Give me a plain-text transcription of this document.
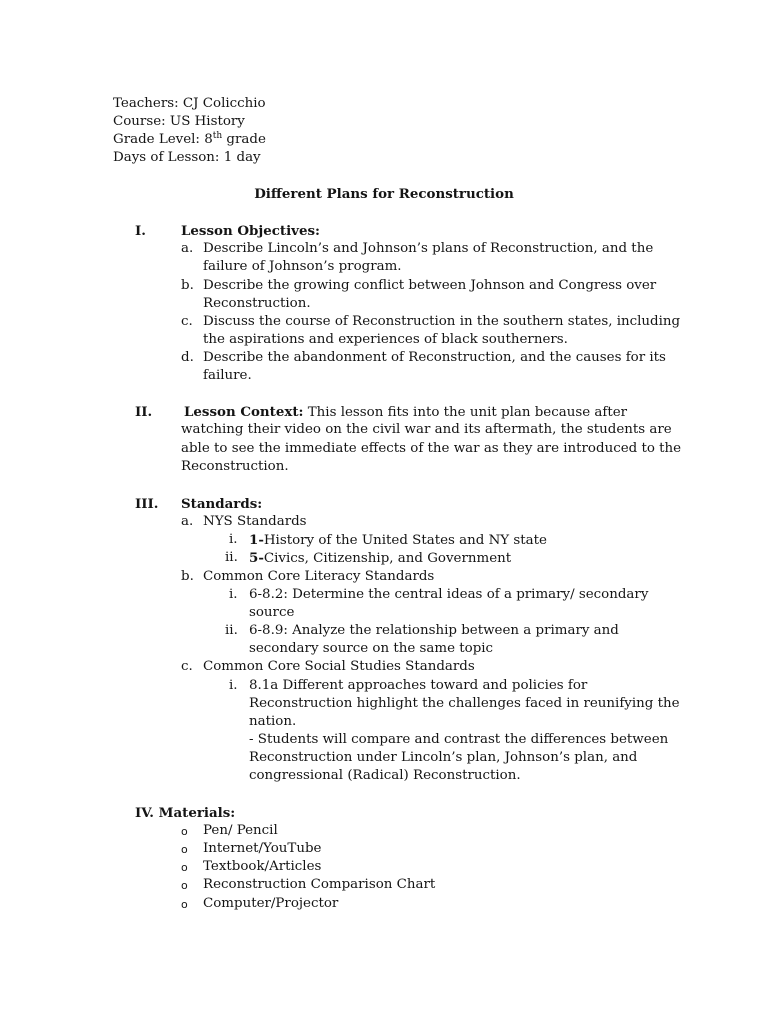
Teachers: CJ Colicchio
Course: US History
Grade Level: 8th grade
Days of Lesson: 1 day
Different Plans for Reconstruction
I.	Lesson Objectives:
a. Describe Lincoln’s and Johnson’s plans of Reconstruction, and the
failure of Johnson’s program.
b. Describe the growing conflict between Johnson and Congress over
Reconstruction.
c. Discuss the course of Reconstruction in the southern states, including
the aspirations and experiences of black southerners.
d. Describe the abandonment of Reconstruction, and the causes for its
failure.
II. Lesson Context: This lesson fits into the unit plan because after
watching their video on the civil war and its aftermath, the students are
able to see the immediate effects of the war as they are introduced to the
Reconstruction.
III. Standards:
a. NYS Standards
i. 1-History of the United States and NY state
ii. 5-Civics, Citizenship, and Government
b. Common Core Literacy Standards
i. 6-8.2: Determine the central ideas of a primary/ secondary
source
ii. 6-8.9: Analyze the relationship between a primary and
secondary source on the same topic
c. Common Core Social Studies Standards
i. 8.1a Different approaches toward and policies for
Reconstruction highlight the challenges faced in reunifying the
nation.
- Students will compare and contrast the differences between
Reconstruction under Lincoln’s plan, Johnson’s plan, and
congressional (Radical) Reconstruction.
IV. Materials:
o Pen/ Pencil
o Internet/YouTube
o Textbook/Articles
o Reconstruction Comparison Chart
o Computer/Projector
